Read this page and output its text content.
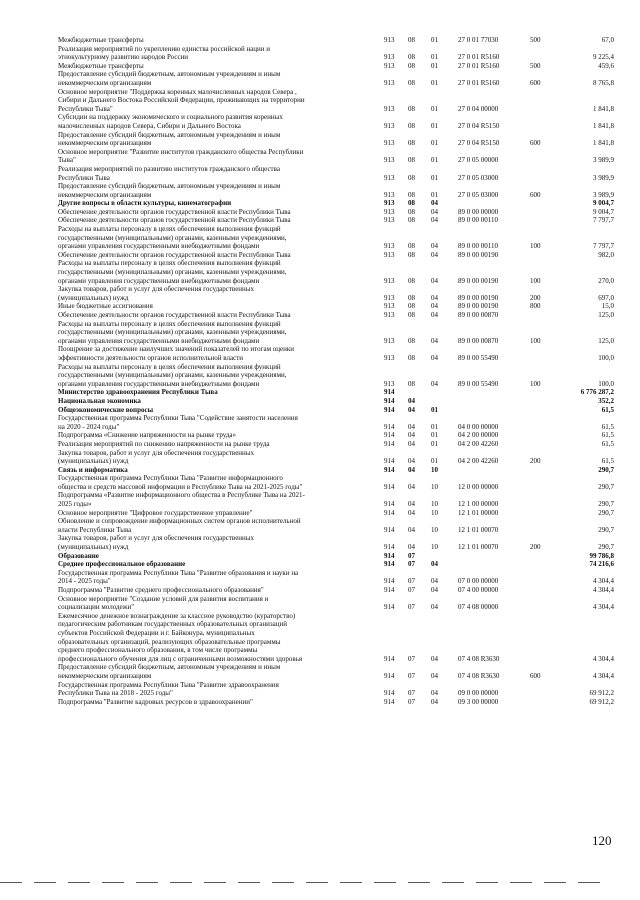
Межбюджетные трансферты	913 08 01	27 0 01 77030	500	67,0
Реализация мероприятий по укреплению единства российской нации и
этнокультурному развитию народов России	913 08 01	27 0 01 R5160	9 225,4
Межбюджетные трансферты	913 08 01	27 0 01 R5160	500	459,6
Предоставление субсидий бюджетным, автономным учреждениям и иным
некоммерческим организациям	913 08 01	27 0 01 R5160	600	8 765,8
Основное мероприятие "Поддержка коренных малочисленных народов Севера ,
Сибири и Дальнего Востока Российской Федерации, проживающих на территории
Республики Тыва"	913 08 01	27 0 04 00000	1 841,8
Субсидии на поддержку экономического и социального развития коренных
малочисленных народов Севера, Сибири и Дальнего Востока	913 08 01	27 0 04 R5150	1 841,8
Предоставление субсидий бюджетным, автономным учреждениям и иным
некоммерческим организациям	913 08 01	27 0 04 R5150	600	1 841,8
Основное мероприятие "Развитие институтов гражданского общества Республики
Тыва"	913 08 01	27 0 05 00000	3 989,9
Реализация мероприятий по развитию институтов гражданского общества
Республики Тыва	913 08 01	27 0 05 03000	3 989,9
Предоставление субсидий бюджетным, автономным учреждениям и иным
некоммерческим организациям	913 08 01	27 0 05 03000	600	3 989,9
Другие вопросы в области культуры, кинематографии	913 08 04	9 004,7
Обеспечение деятельности органов государственной власти Республики Тыва	913 08 04	89 0 00 00000	9 004,7
Обеспечение деятельности органов государственной власти Республики Тыва	913 08 04	89 0 00 00110	7 797,7
Расходы на выплаты персоналу в целях обеспечения выполнения функций
государственными (муниципальными) органами, казенными учреждениями,
органами управления государственными внебюджетными фондами	913 08 04	89 0 00 00110	100	7 797,7
Обеспечение деятельности органов государственной власти Республики Тыва	913 08 04	89 0 00 00190	982,0
Расходы на выплаты персоналу в целях обеспечения выполнения функций
государственными (муниципальными) органами, казенными учреждениями,
органами управления государственными внебюджетными фондами	913 08 04	89 0 00 00190	100	270,0
Закупка товаров, работ и услуг для обеспечения государственных
(муниципальных) нужд	913 08 04	89 0 00 00190	200	697,0
Иные бюджетные ассигнования	913 08 04	89 0 00 00190	800	15,0
Обеспечение деятельности органов государственной власти Республики Тыва	913 08 04	89 0 00 00870	125,0
Расходы на выплаты персоналу в целях обеспечения выполнения функций
государственными (муниципальными) органами, казенными учреждениями,
органами управления государственными внебюджетными фондами	913 08 04	89 0 00 00870	100	125,0
Поощрение за достижение наилучших значений показателей по итогам оценки
эффективности деятельности органов исполнительной власти	913 08 04	89 0 00 55490	100,0
Расходы на выплаты персоналу в целях обеспечения выполнения функций
государственными (муниципальными) органами, казенными учреждениями,
органами управления государственными внебюджетными фондами	913 08 04	89 0 00 55490	100	100,0
Министерство здравоохранения Республики Тыва	914	6 776 287,2
Национальная экономика	914 04	352,2
Общеэкономические вопросы	914 04 01	61,5
Государственная программа Республики Тыва "Содействие занятости населения
на 2020 - 2024 годы"	914 04 01	04 0 00 00000	61,5
Подпрограмма «Снижение напряженности на рынке труда»	914 04 01	04 2 00 00000	61,5
Реализация мероприятий по снижению напряженности на рынке труда	914 04 01	04 2 00 42260	61,5
Закупка товаров, работ и услуг для обеспечения государственных
(муниципальных) нужд	914 04 01	04 2 00 42260	200	61,5
Связь и информатика	914 04 10	290,7
Государственная программа Республики Тыва "Развитие информационного
общества и средств массовой информации в Республике Тыва на 2021-2025 годы"	914 04 10	12 0 00 00000	290,7
Подпрограмма «Развитие информационного общества в Республике Тыва на 2021-
2025 годы»	914 04 10	12 1 00 00000	290,7
Основное мероприятие "Цифровое государственное управление"	914 04 10	12 1 01 00000	290,7
Обновление и сопровождение информационных систем органов исполнительной
власти Республики Тыва	914 04 10	12 1 01 00070	290,7
Закупка товаров, работ и услуг для обеспечения государственных
(муниципальных) нужд	914 04 10	12 1 01 00070	200	290,7
Образование	914 07	99 786,8
Среднее профессиональное образование	914 07 04	74 216,6
Государственная программа Республики Тыва "Развитие образования и науки на
2014 - 2025 годы"	914 07 04	07 0 00 00000	4 304,4
Подпрограмма "Развитие среднего профессионального образования"	914 07 04	07 4 00 00000	4 304,4
Основное мероприятие "Создание условий для развития воспитания и
социализации молодежи"	914 07 04	07 4 08 00000	4 304,4
Ежемесячное денежное вознаграждение за классное руководство (кураторство)
педагогическим работникам государственных образовательных организаций
субъектов Российской Федерации и г. Байконура, муниципальных
образовательных организаций, реализующих образовательные программы
среднего профессионального образования, в том числе программы
профессионального обучения для лиц с ограниченными возможностями здоровья	914 07 04	07 4 08 R3630	4 304,4
Предоставление субсидий бюджетным, автономным учреждениям и иным
некоммерческим организациям	914 07 04	07 4 08 R3630	600	4 304,4
Государственная программа Республики Тыва "Развитие здравоохранения
Республики Тыва на 2018 - 2025 годы"	914 07 04	09 0 00 00000	69 912,2
Подпрограмма "Развитие кадровых ресурсов в здравоохранении"	914 07 04	09 3 00 00000	69 912,2
120
